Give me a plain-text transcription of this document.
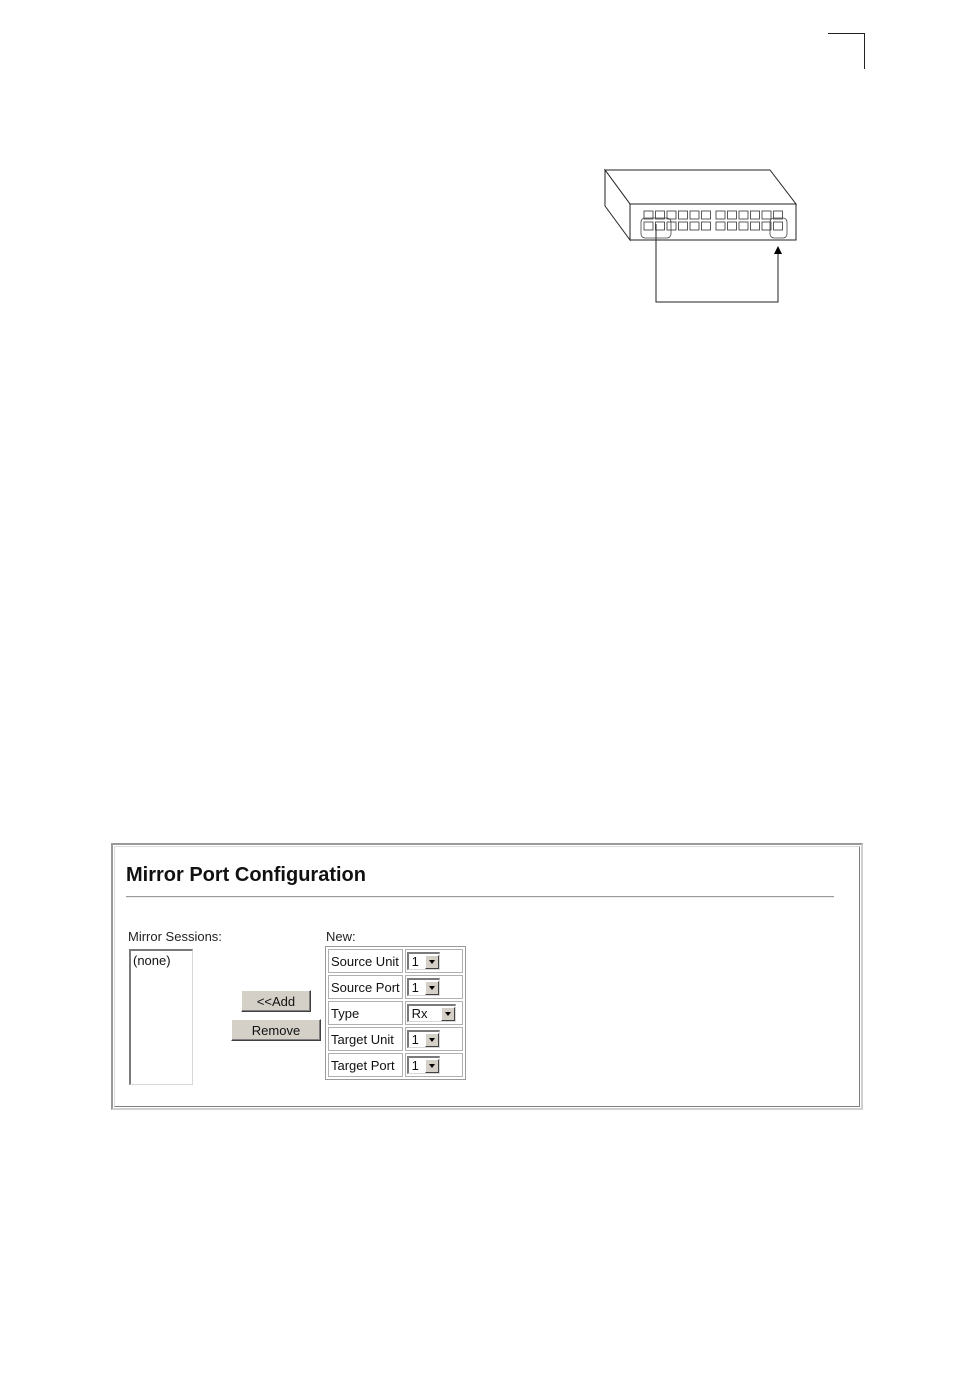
Mirror Port Configuration
Mirror Sessions:
(none)
<<Add
Remove
New:
Source Unit	1

Source Port	1

Type	Rx

Target Unit	1

Target Port	1
